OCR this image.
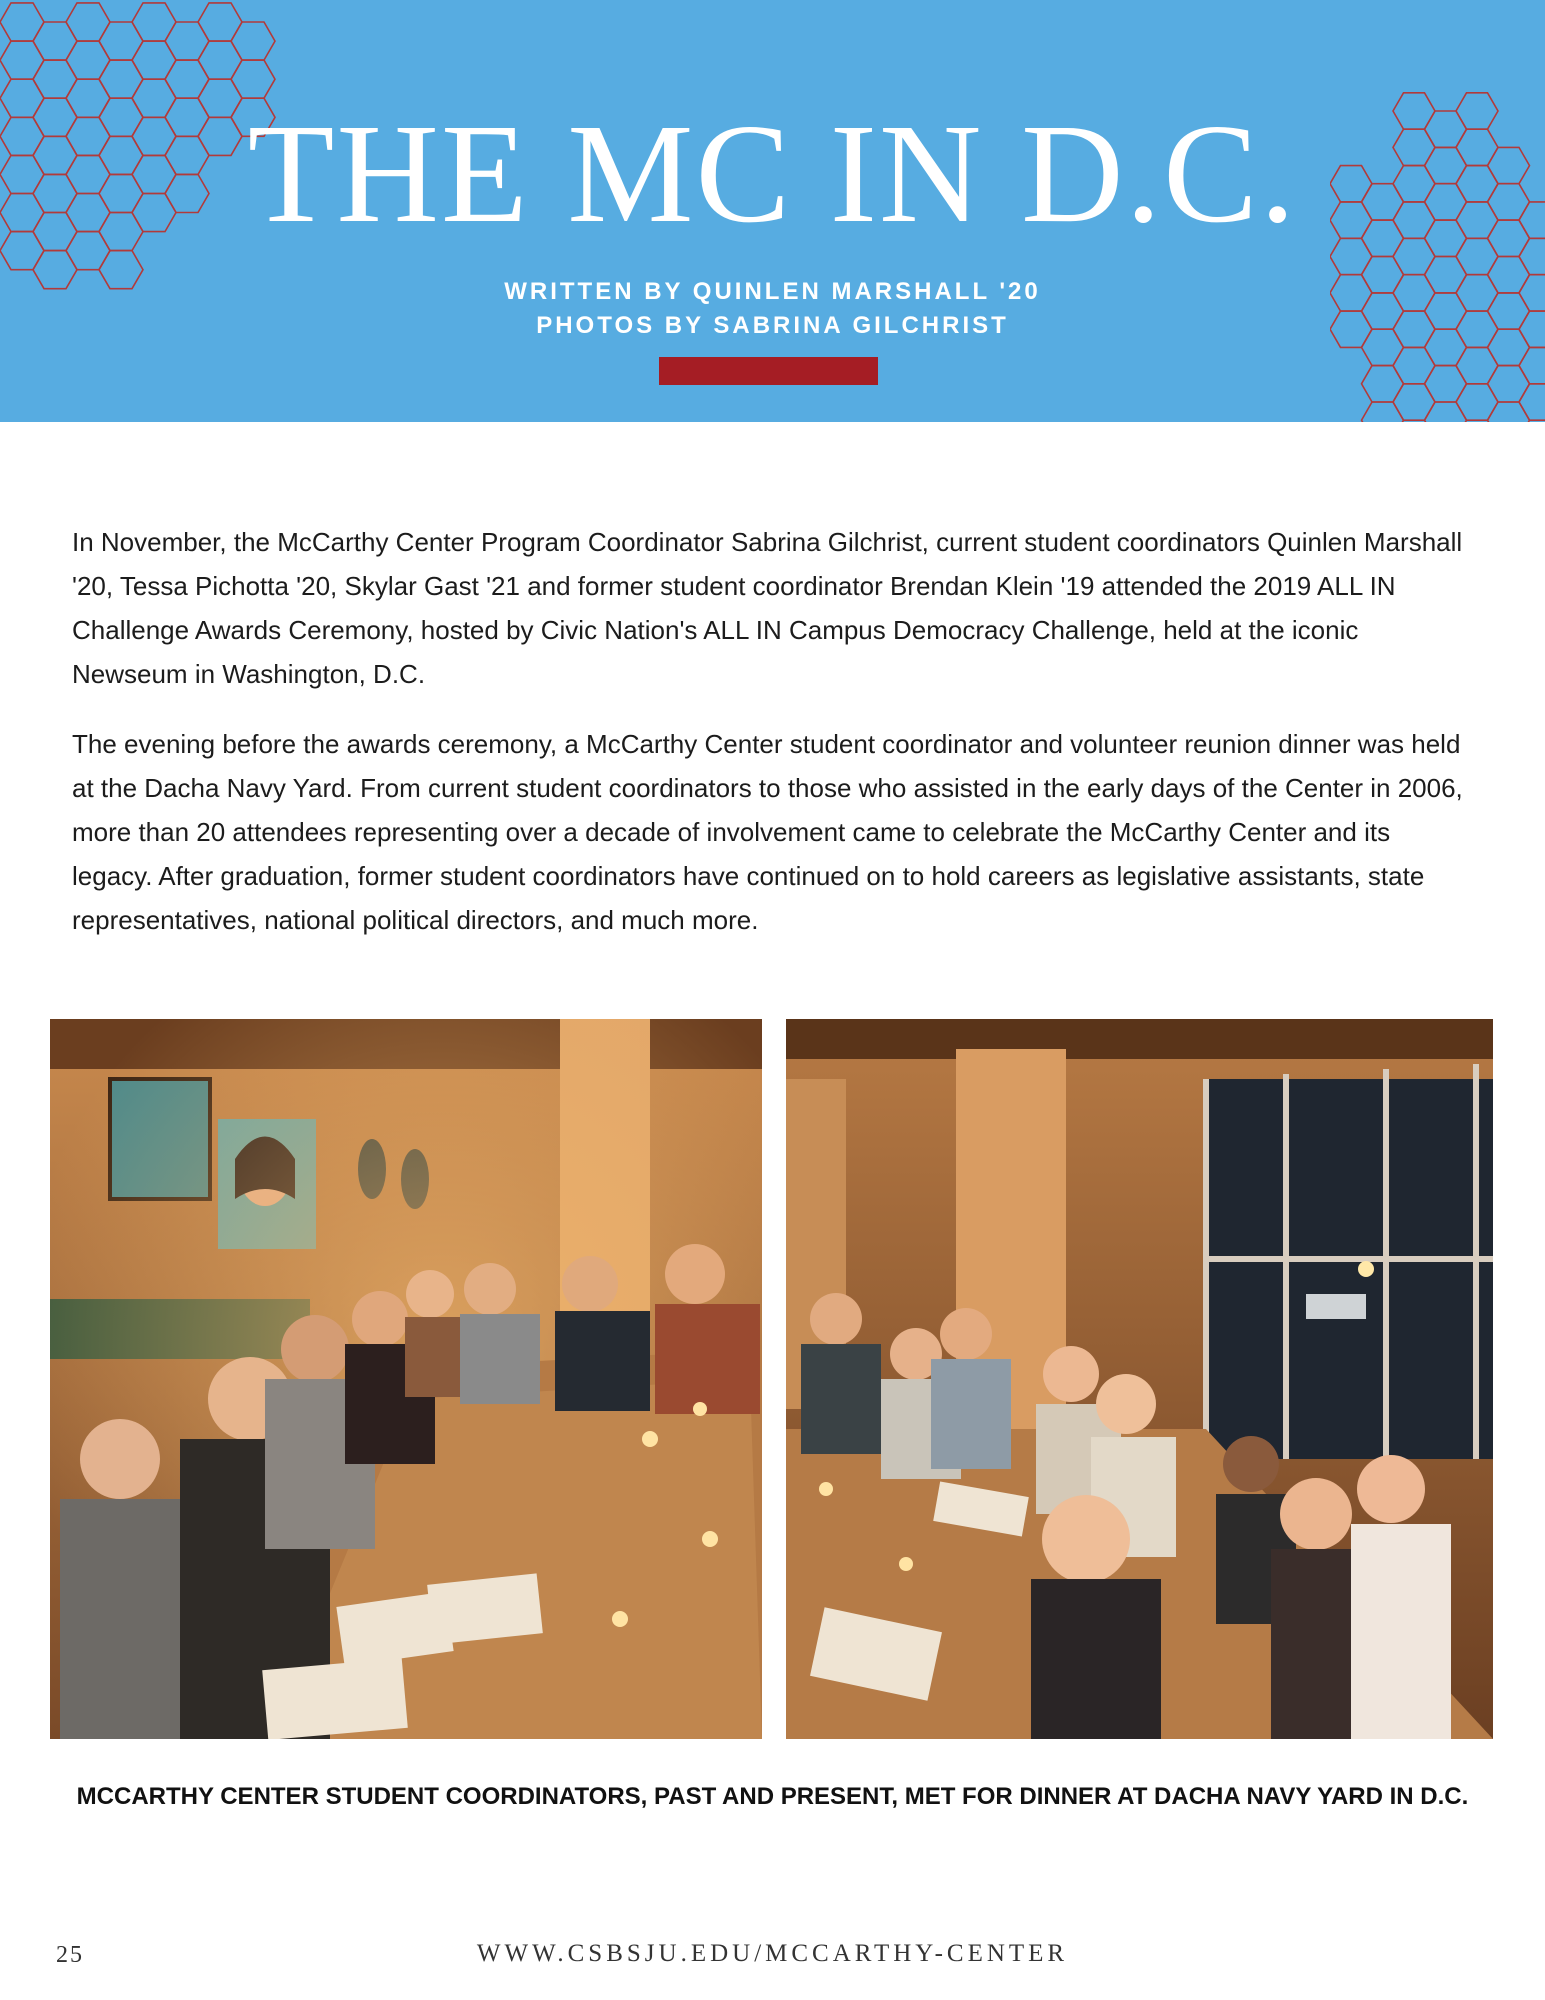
THE MC IN D.C.
WRITTEN BY QUINLEN MARSHALL '20
PHOTOS BY SABRINA GILCHRIST

In November, the McCarthy Center Program Coordinator Sabrina Gilchrist, current student coordinators Quinlen Marshall '20, Tessa Pichotta '20, Skylar Gast '21 and former student coordinator Brendan Klein '19 attended the 2019 ALL IN Challenge Awards Ceremony, hosted by Civic Nation's ALL IN Campus Democracy Challenge, held at the iconic Newseum in Washington, D.C.

The evening before the awards ceremony, a McCarthy Center student coordinator and volunteer reunion dinner was held at the Dacha Navy Yard. From current student coordinators to those who assisted in the early days of the Center in 2006, more than 20 attendees representing over a decade of involvement came to celebrate the McCarthy Center and its legacy. After graduation, former student coordinators have continued on to hold careers as legislative assistants, state representatives, national political directors, and much more.

MCCARTHY CENTER STUDENT COORDINATORS, PAST AND PRESENT, MET FOR DINNER AT DACHA NAVY YARD IN D.C.
25	WWW.CSBSJU.EDU/MCCARTHY-CENTER
